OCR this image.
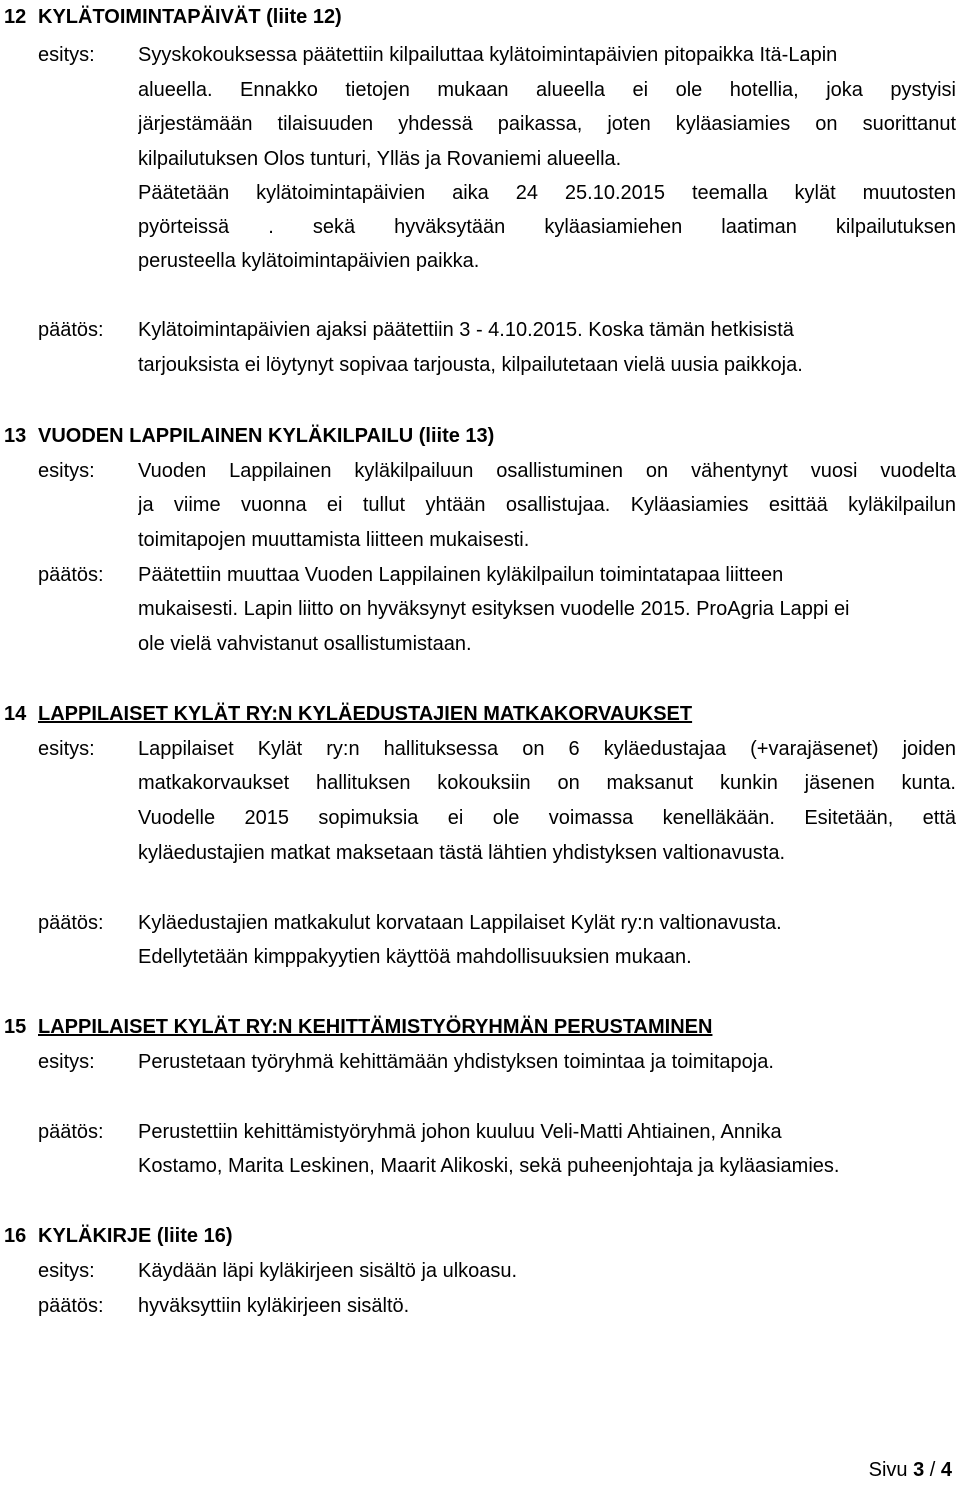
12 KYLÄTOIMINTAPÄIVÄT (liite 12)
esitys: Syyskokouksessa päätettiin kilpailuttaa kylätoimintapäivien pitopaikka Itä-Lapin
alueella. Ennakko tietojen mukaan alueella ei ole hotellia, joka pystyisi
järjestämään tilaisuuden yhdessä paikassa, joten kyläasiamies on suorittanut
kilpailutuksen Olos tunturi, Ylläs ja Rovaniemi alueella.
Päätetään kylätoimintapäivien aika 24 25.10.2015 teemalla kylät muutosten
pyörteissä . sekä hyväksytään kyläasiamiehen laatiman kilpailutuksen
perusteella kylätoimintapäivien paikka.
päätös: Kylätoimintapäivien ajaksi päätettiin 3 - 4.10.2015. Koska tämän hetkisistä
tarjouksista ei löytynyt sopivaa tarjousta, kilpailutetaan vielä uusia paikkoja.
13 VUODEN LAPPILAINEN KYLÄKILPAILU (liite 13)
esitys: Vuoden Lappilainen kyläkilpailuun osallistuminen on vähentynyt vuosi vuodelta
ja viime vuonna ei tullut yhtään osallistujaa. Kyläasiamies esittää kyläkilpailun
toimitapojen muuttamista liitteen mukaisesti.
päätös: Päätettiin muuttaa Vuoden Lappilainen kyläkilpailun toimintatapaa liitteen
mukaisesti. Lapin liitto on hyväksynyt esityksen vuodelle 2015. ProAgria Lappi ei
ole vielä vahvistanut osallistumistaan.
14 LAPPILAISET KYLÄT RY:N KYLÄEDUSTAJIEN MATKAKORVAUKSET
esitys: Lappilaiset Kylät ry:n hallituksessa on 6 kyläedustajaa (+varajäsenet) joiden
matkakorvaukset hallituksen kokouksiin on maksanut kunkin jäsenen kunta.
Vuodelle 2015 sopimuksia ei ole voimassa kenelläkään. Esitetään, että
kyläedustajien matkat maksetaan tästä lähtien yhdistyksen valtionavusta.
päätös: Kyläedustajien matkakulut korvataan Lappilaiset Kylät ry:n valtionavusta.
Edellytetään kimppakyytien käyttöä mahdollisuuksien mukaan.
15 LAPPILAISET KYLÄT RY:N KEHITTÄMISTYÖRYHMÄN PERUSTAMINEN
esitys: Perustetaan työryhmä kehittämään yhdistyksen toimintaa ja toimitapoja.
päätös: Perustettiin kehittämistyöryhmä johon kuuluu Veli-Matti Ahtiainen, Annika
Kostamo, Marita Leskinen, Maarit Alikoski, sekä puheenjohtaja ja kyläasiamies.
16 KYLÄKIRJE (liite 16)
esitys: Käydään läpi kyläkirjeen sisältö ja ulkoasu.
päätös: hyväksyttiin kyläkirjeen sisältö.
Sivu 3 / 4
